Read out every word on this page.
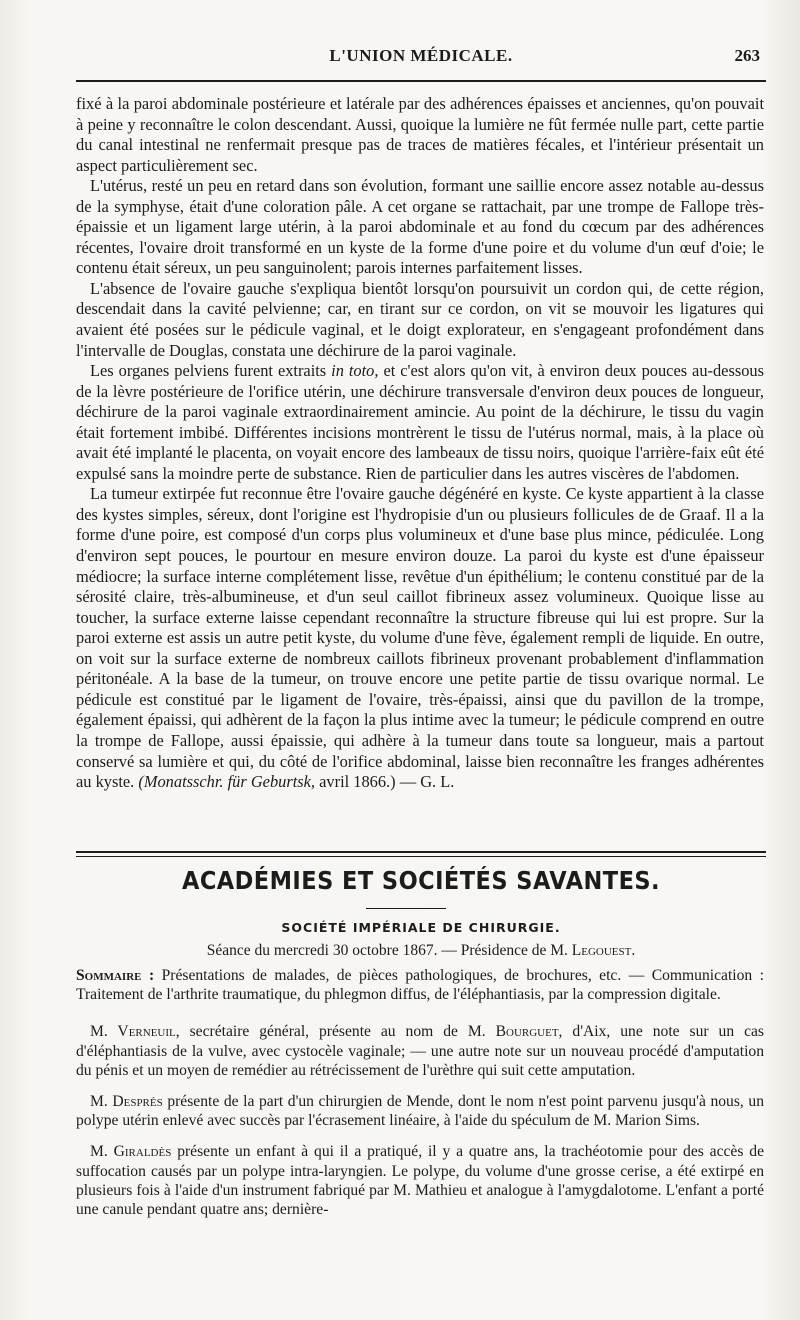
L'UNION MÉDICALE.	263

fixé à la paroi abdominale postérieure et latérale par des adhérences épaisses et anciennes, qu'on pouvait à peine y reconnaître le colon descendant. Aussi, quoique la lumière ne fût fermée nulle part, cette partie du canal intestinal ne renfermait presque pas de traces de matières fécales, et l'intérieur présentait un aspect particulièrement sec.

L'utérus, resté un peu en retard dans son évolution, formant une saillie encore assez notable au-dessus de la symphyse, était d'une coloration pâle. A cet organe se rattachait, par une trompe de Fallope très-épaissie et un ligament large utérin, à la paroi abdominale et au fond du cœcum par des adhérences récentes, l'ovaire droit transformé en un kyste de la forme d'une poire et du volume d'un œuf d'oie; le contenu était séreux, un peu sanguinolent; parois internes parfaitement lisses.

L'absence de l'ovaire gauche s'expliqua bientôt lorsqu'on poursuivit un cordon qui, de cette région, descendait dans la cavité pelvienne; car, en tirant sur ce cordon, on vit se mouvoir les ligatures qui avaient été posées sur le pédicule vaginal, et le doigt explorateur, en s'engageant profondément dans l'intervalle de Douglas, constata une déchirure de la paroi vaginale.

Les organes pelviens furent extraits in toto, et c'est alors qu'on vit, à environ deux pouces au-dessous de la lèvre postérieure de l'orifice utérin, une déchirure transversale d'environ deux pouces de longueur, déchirure de la paroi vaginale extraordinairement amincie. Au point de la déchirure, le tissu du vagin était fortement imbibé. Différentes incisions montrèrent le tissu de l'utérus normal, mais, à la place où avait été implanté le placenta, on voyait encore des lambeaux de tissu noirs, quoique l'arrière-faix eût été expulsé sans la moindre perte de substance. Rien de particulier dans les autres viscères de l'abdomen.

La tumeur extirpée fut reconnue être l'ovaire gauche dégénéré en kyste. Ce kyste appartient à la classe des kystes simples, séreux, dont l'origine est l'hydropisie d'un ou plusieurs follicules de de Graaf. Il a la forme d'une poire, est composé d'un corps plus volumineux et d'une base plus mince, pédiculée. Long d'environ sept pouces, le pourtour en mesure environ douze. La paroi du kyste est d'une épaisseur médiocre; la surface interne complétement lisse, revêtue d'un épithélium; le contenu constitué par de la sérosité claire, très-albumineuse, et d'un seul caillot fibrineux assez volumineux. Quoique lisse au toucher, la surface externe laisse cependant reconnaître la structure fibreuse qui lui est propre. Sur la paroi externe est assis un autre petit kyste, du volume d'une fève, également rempli de liquide. En outre, on voit sur la surface externe de nombreux caillots fibrineux provenant probablement d'inflammation péritonéale. A la base de la tumeur, on trouve encore une petite partie de tissu ovarique normal. Le pédicule est constitué par le ligament de l'ovaire, très-épaissi, ainsi que du pavillon de la trompe, également épaissi, qui adhèrent de la façon la plus intime avec la tumeur; le pédicule comprend en outre la trompe de Fallope, aussi épaissie, qui adhère à la tumeur dans toute sa longueur, mais a partout conservé sa lumière et qui, du côté de l'orifice abdominal, laisse bien reconnaître les franges adhérentes au kyste. (Monatsschr. für Geburtsk, avril 1866.) — G. L.

ACADÉMIES ET SOCIÉTÉS SAVANTES.
SOCIÉTÉ IMPÉRIALE DE CHIRURGIE.
Séance du mercredi 30 octobre 1867. — Présidence de M. Legouest.

Sommaire : Présentations de malades, de pièces pathologiques, de brochures, etc. — Communication : Traitement de l'arthrite traumatique, du phlegmon diffus, de l'éléphantiasis, par la compression digitale.

M. Verneuil, secrétaire général, présente au nom de M. Bourguet, d'Aix, une note sur un cas d'éléphantiasis de la vulve, avec cystocèle vaginale; — une autre note sur un nouveau procédé d'amputation du pénis et un moyen de remédier au rétrécissement de l'urèthre qui suit cette amputation.

M. Després présente de la part d'un chirurgien de Mende, dont le nom n'est point parvenu jusqu'à nous, un polype utérin enlevé avec succès par l'écrasement linéaire, à l'aide du spéculum de M. Marion Sims.

M. Giraldès présente un enfant à qui il a pratiqué, il y a quatre ans, la trachéotomie pour des accès de suffocation causés par un polype intra-laryngien. Le polype, du volume d'une grosse cerise, a été extirpé en plusieurs fois à l'aide d'un instrument fabriqué par M. Mathieu et analogue à l'amygdalotome. L'enfant a porté une canule pendant quatre ans; dernière-
